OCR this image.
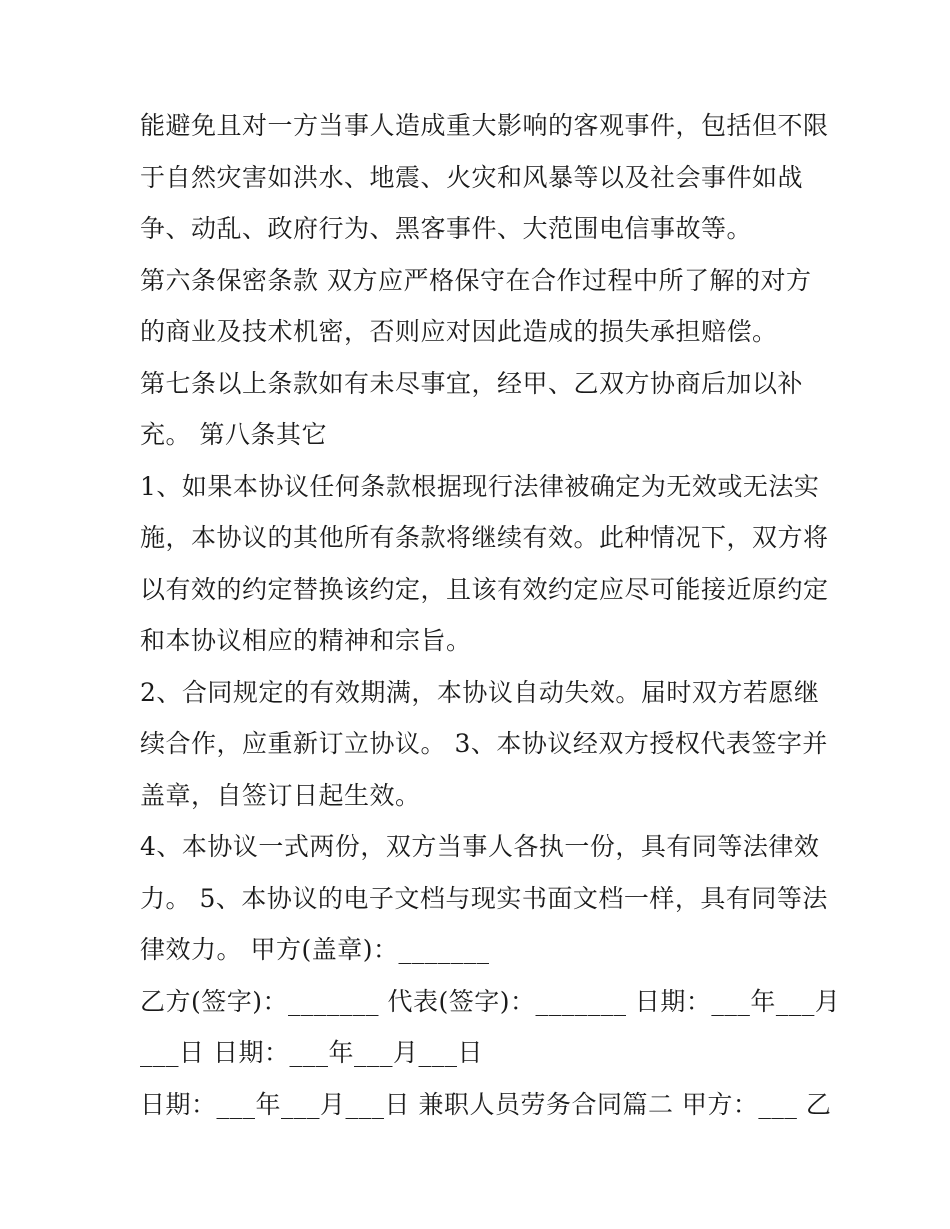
能避免且对一方当事人造成重大影响的客观事件，包括但不限
于自然灾害如洪水、地震、火灾和风暴等以及社会事件如战
争、动乱、政府行为、黑客事件、大范围电信事故等。
第六条保密条款 双方应严格保守在合作过程中所了解的对方
的商业及技术机密，否则应对因此造成的损失承担赔偿。
第七条以上条款如有未尽事宜，经甲、乙双方协商后加以补
充。 第八条其它
1、如果本协议任何条款根据现行法律被确定为无效或无法实
施，本协议的其他所有条款将继续有效。此种情况下，双方将
以有效的约定替换该约定，且该有效约定应尽可能接近原约定
和本协议相应的精神和宗旨。
2、合同规定的有效期满，本协议自动失效。届时双方若愿继
续合作，应重新订立协议。 3、本协议经双方授权代表签字并
盖章，自签订日起生效。
4、本协议一式两份，双方当事人各执一份，具有同等法律效
力。 5、本协议的电子文档与现实书面文档一样，具有同等法
律效力。 甲方(盖章)：_______
乙方(签字)：_______ 代表(签字)：_______ 日期：___年___月
___日 日期：___年___月___日
日期：___年___月___日 兼职人员劳务合同篇二 甲方：___ 乙
